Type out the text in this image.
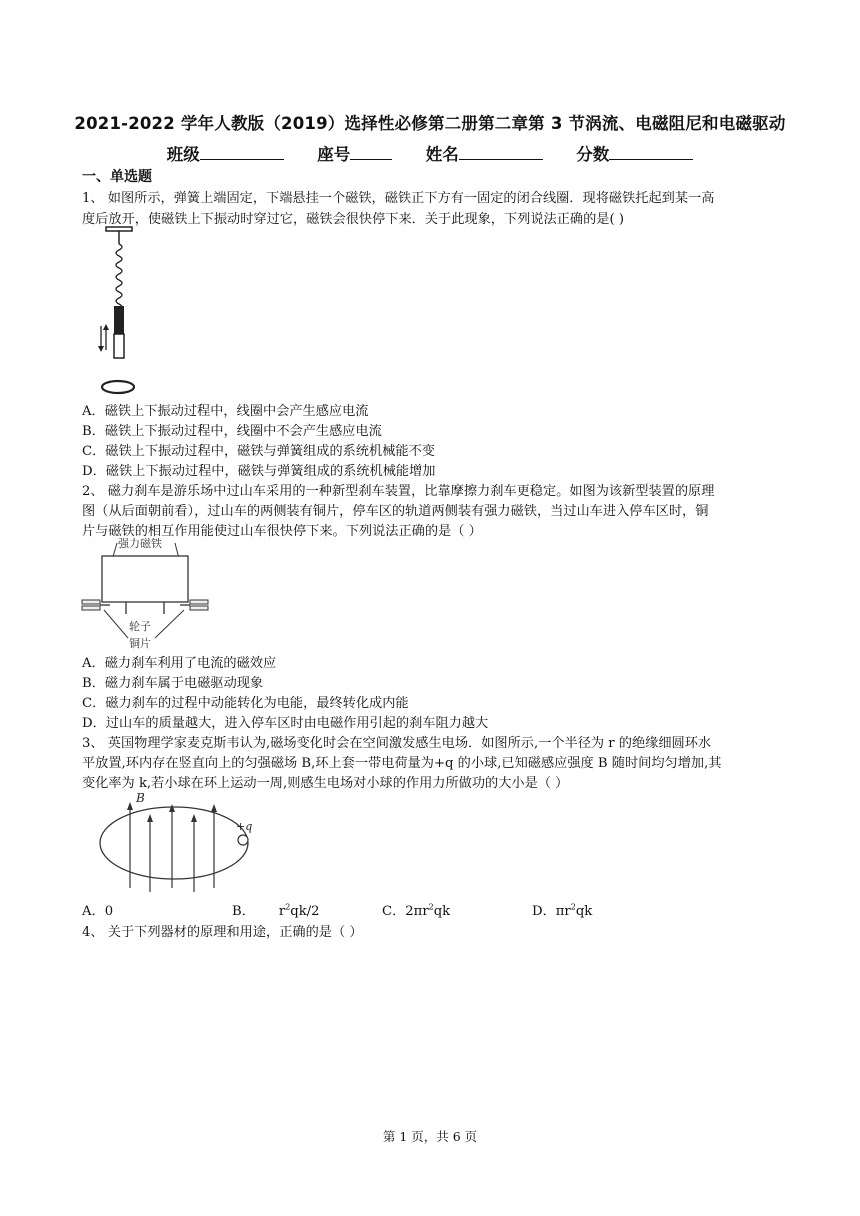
2021-2022 学年人教版（2019）选择性必修第二册第二章第 3 节涡流、电磁阻尼和电磁驱动
班级	座号	姓名	分数
一、单选题
1、 如图所示，弹簧上端固定，下端悬挂一个磁铁，磁铁正下方有一固定的闭合线圈．现将磁铁托起到某一高
度后放开，使磁铁上下振动时穿过它，磁铁会很快停下来．关于此现象，下列说法正确的是( )
A．磁铁上下振动过程中，线圈中会产生感应电流
B．磁铁上下振动过程中，线圈中不会产生感应电流
C．磁铁上下振动过程中，磁铁与弹簧组成的系统机械能不变
D．磁铁上下振动过程中，磁铁与弹簧组成的系统机械能增加
2、 磁力刹车是游乐场中过山车采用的一种新型刹车装置，比靠摩擦力刹车更稳定。如图为该新型装置的原理
图（从后面朝前看），过山车的两侧装有铜片，停车区的轨道两侧装有强力磁铁，当过山车进入停车区时，铜
片与磁铁的相互作用能使过山车很快停下来。下列说法正确的是（ ）
强力磁铁
轮子
铜片
A．磁力刹车利用了电流的磁效应
B．磁力刹车属于电磁驱动现象
C．磁力刹车的过程中动能转化为电能，最终转化成内能
D．过山车的质量越大，进入停车区时由电磁作用引起的刹车阻力越大
3、 英国物理学家麦克斯韦认为,磁场变化时会在空间激发感生电场．如图所示,一个半径为 r 的绝缘细圆环水
平放置,环内存在竖直向上的匀强磁场 B,环上套一带电荷量为+q 的小球,已知磁感应强度 B 随时间均匀增加,其
变化率为 k,若小球在环上运动一周,则感生电场对小球的作用力所做功的大小是（ ）
B
+q
A．0	B． $r^2qk/2$	C．$2\pi r^2qk$	D．$\pi r^2qk$
4、 关于下列器材的原理和用途，正确的是（ ）
第 1 页，共 6 页
